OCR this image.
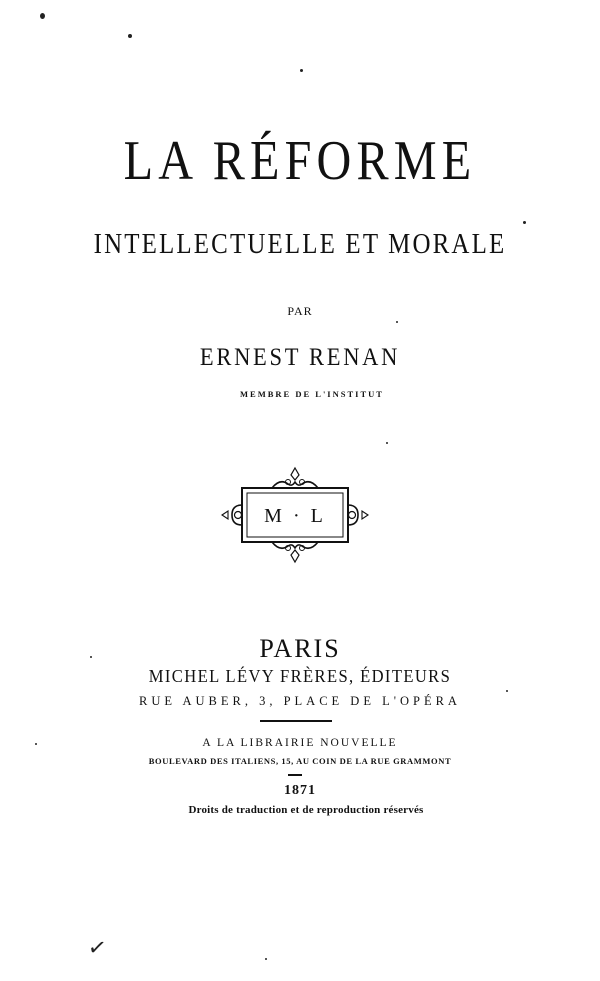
LA RÉFORME
INTELLECTUELLE ET MORALE
PAR
ERNEST RENAN
MEMBRE DE L'INSTITUT
M · L
PARIS
MICHEL LÉVY FRÈRES, ÉDITEURS
RUE AUBER, 3, PLACE DE L'OPÉRA
A LA LIBRAIRIE NOUVELLE
BOULEVARD DES ITALIENS, 15, AU COIN DE LA RUE GRAMMONT
1871
Droits de traduction et de reproduction réservés
✓
